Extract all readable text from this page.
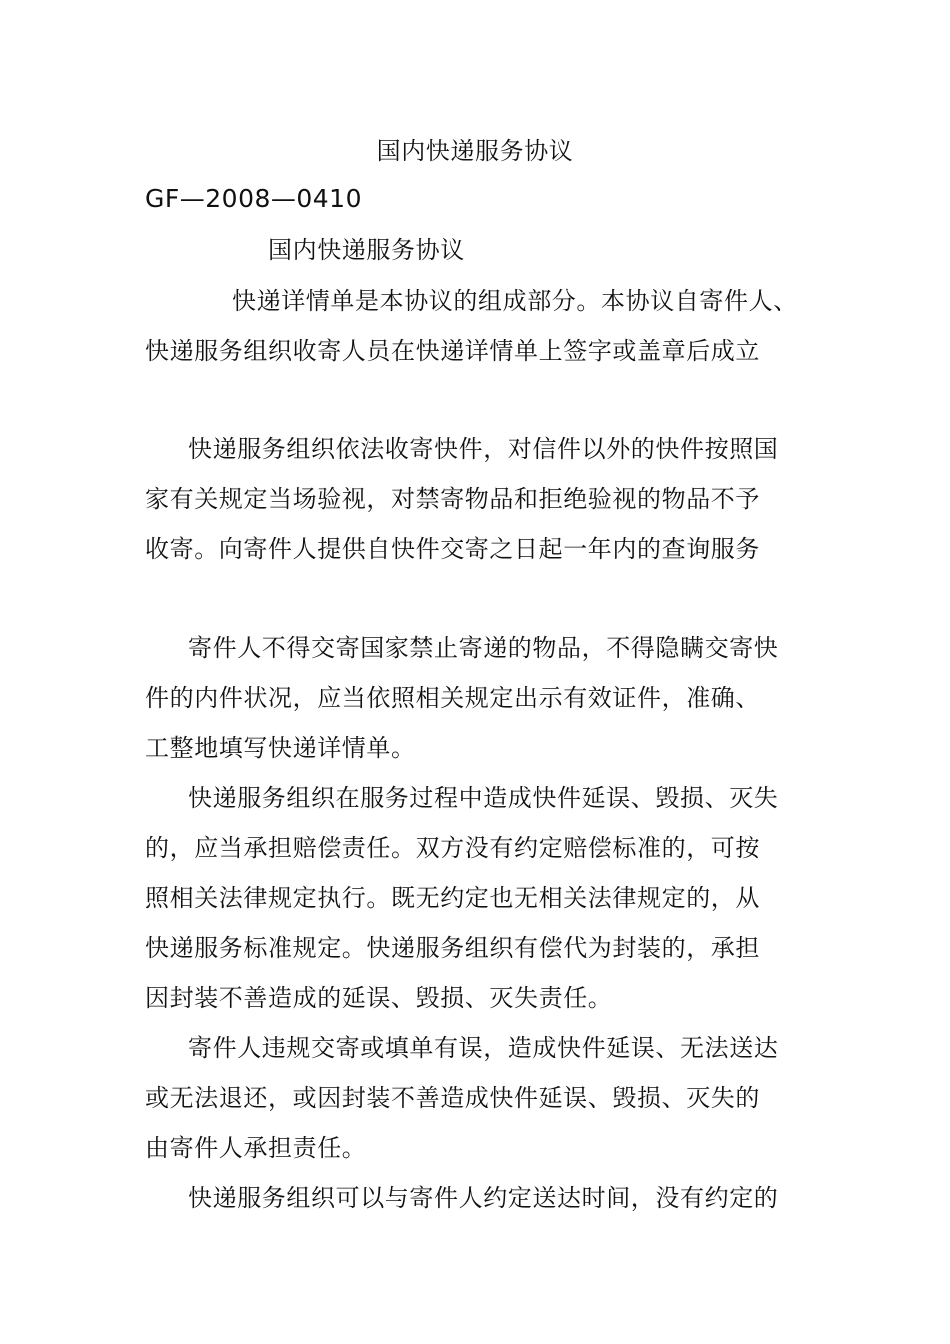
国内快递服务协议
GF—2008—0410
国内快递服务协议
快递详情单是本协议的组成部分。本协议自寄件人、
快递服务组织收寄人员在快递详情单上签字或盖章后成立
快递服务组织依法收寄快件，对信件以外的快件按照国
家有关规定当场验视，对禁寄物品和拒绝验视的物品不予
收寄。向寄件人提供自快件交寄之日起一年内的查询服务
寄件人不得交寄国家禁止寄递的物品，不得隐瞒交寄快
件的内件状况，应当依照相关规定出示有效证件，准确、
工整地填写快递详情单。
快递服务组织在服务过程中造成快件延误、毁损、灭失
的，应当承担赔偿责任。双方没有约定赔偿标准的，可按
照相关法律规定执行。既无约定也无相关法律规定的，从
快递服务标准规定。快递服务组织有偿代为封装的，承担
因封装不善造成的延误、毁损、灭失责任。
寄件人违规交寄或填单有误，造成快件延误、无法送达
或无法退还，或因封装不善造成快件延误、毁损、灭失的
由寄件人承担责任。
快递服务组织可以与寄件人约定送达时间，没有约定的
